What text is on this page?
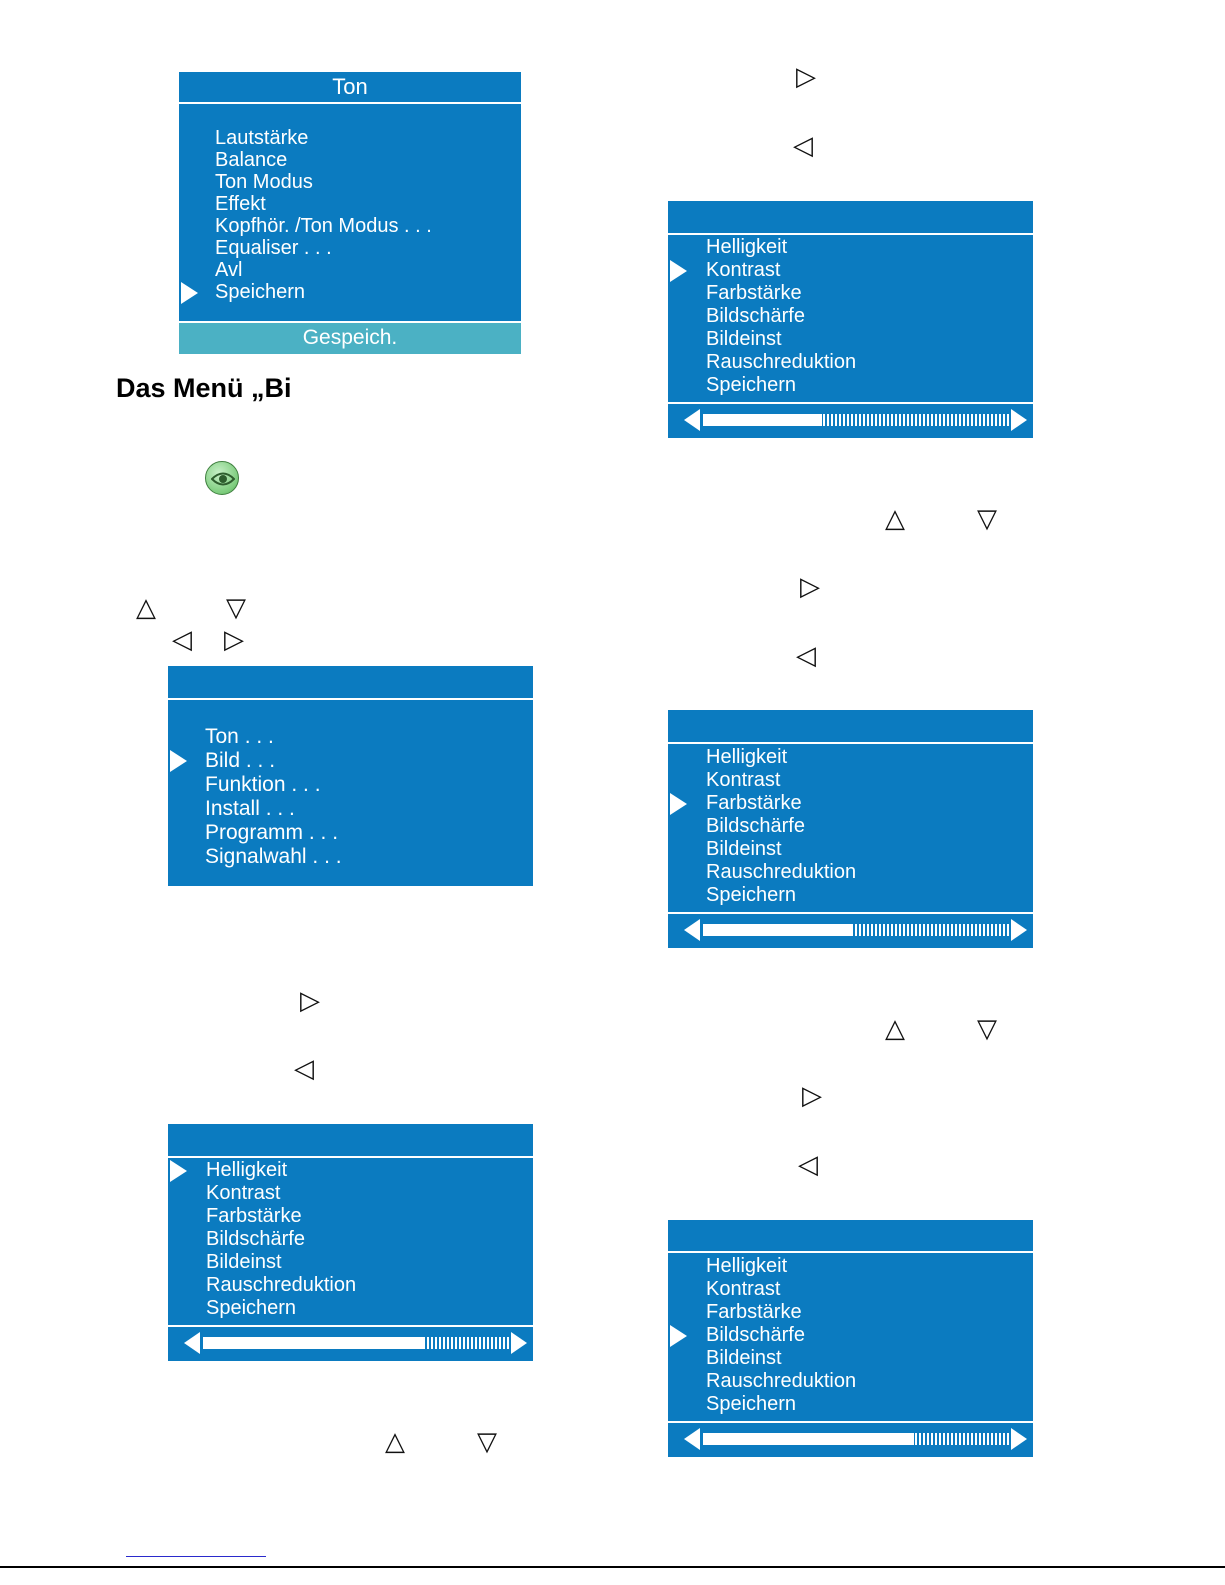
Ton
Lautstärke
Balance
Ton Modus
Effekt
Kopfhör. /Ton Modus . . .
Equaliser . . .
Avl
Speichern
Gespeich.
Das Menü „Bi
△	▽
◁ ▷
Ton . . .
Bild . . .
Funktion . . .
Install . . .
Programm . . .
Signalwahl . . .
▷
◁
Helligkeit
Kontrast
Farbstärke
Bildschärfe
Bildeinst
Rauschreduktion
Speichern
△	▽
▷
◁
Helligkeit
Kontrast
Farbstärke
Bildschärfe
Bildeinst
Rauschreduktion
Speichern
△	▽
▷
◁
Helligkeit
Kontrast
Farbstärke
Bildschärfe
Bildeinst
Rauschreduktion
Speichern
△	▽
▷
◁
Helligkeit
Kontrast
Farbstärke
Bildschärfe
Bildeinst
Rauschreduktion
Speichern
